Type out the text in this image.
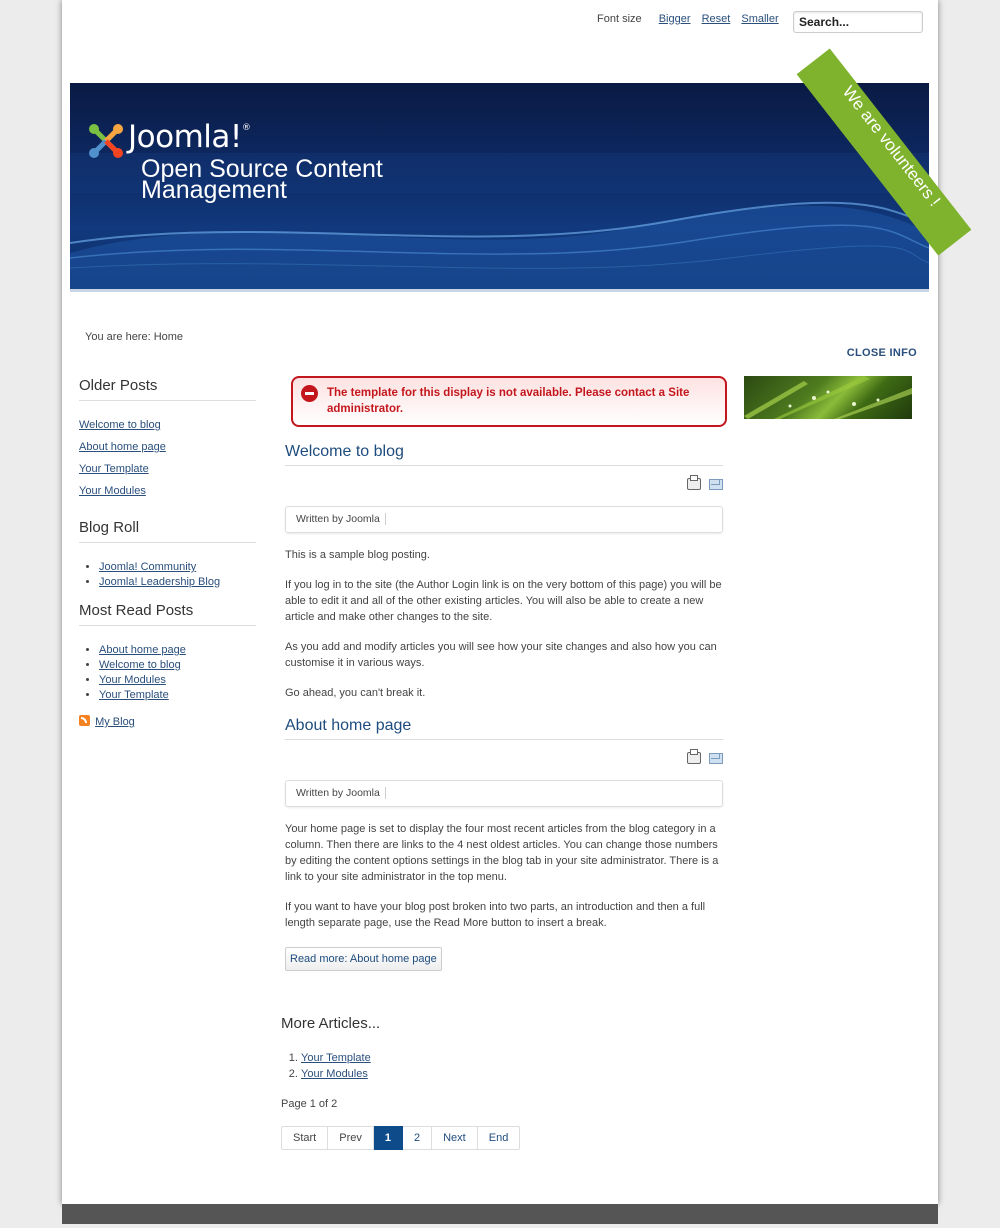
Font size Bigger Reset Smaller
Search...
Joomla!®
Open Source Content Management	We are volunteers !
You are here: Home
CLOSE INFO
Older Posts
Welcome to blog
About home page
Your Template
Your Modules
Blog Roll
• Joomla! Community
• Joomla! Leadership Blog
Most Read Posts
• About home page
• Welcome to blog
• Your Modules
• Your Template
My Blog
The template for this display is not available. Please contact a Site administrator.
Welcome to blog

Written by Joomla

This is a sample blog posting.

If you log in to the site (the Author Login link is on the very bottom of this page) you will be able to edit it and all of the other existing articles. You will also be able to create a new article and make other changes to the site.

As you add and modify articles you will see how your site changes and also how you can customise it in various ways.

Go ahead, you can't break it.

About home page

Written by Joomla

Your home page is set to display the four most recent articles from the blog category in a column. Then there are links to the 4 nest oldest articles. You can change those numbers by editing the content options settings in the blog tab in your site administrator. There is a link to your site administrator in the top menu.

If you want to have your blog post broken into two parts, an introduction and then a full length separate page, use the Read More button to insert a break.

Read more: About home page
More Articles...
1. Your Template
2. Your Modules
Page 1 of 2
Start	Prev	1	2	Next	End
